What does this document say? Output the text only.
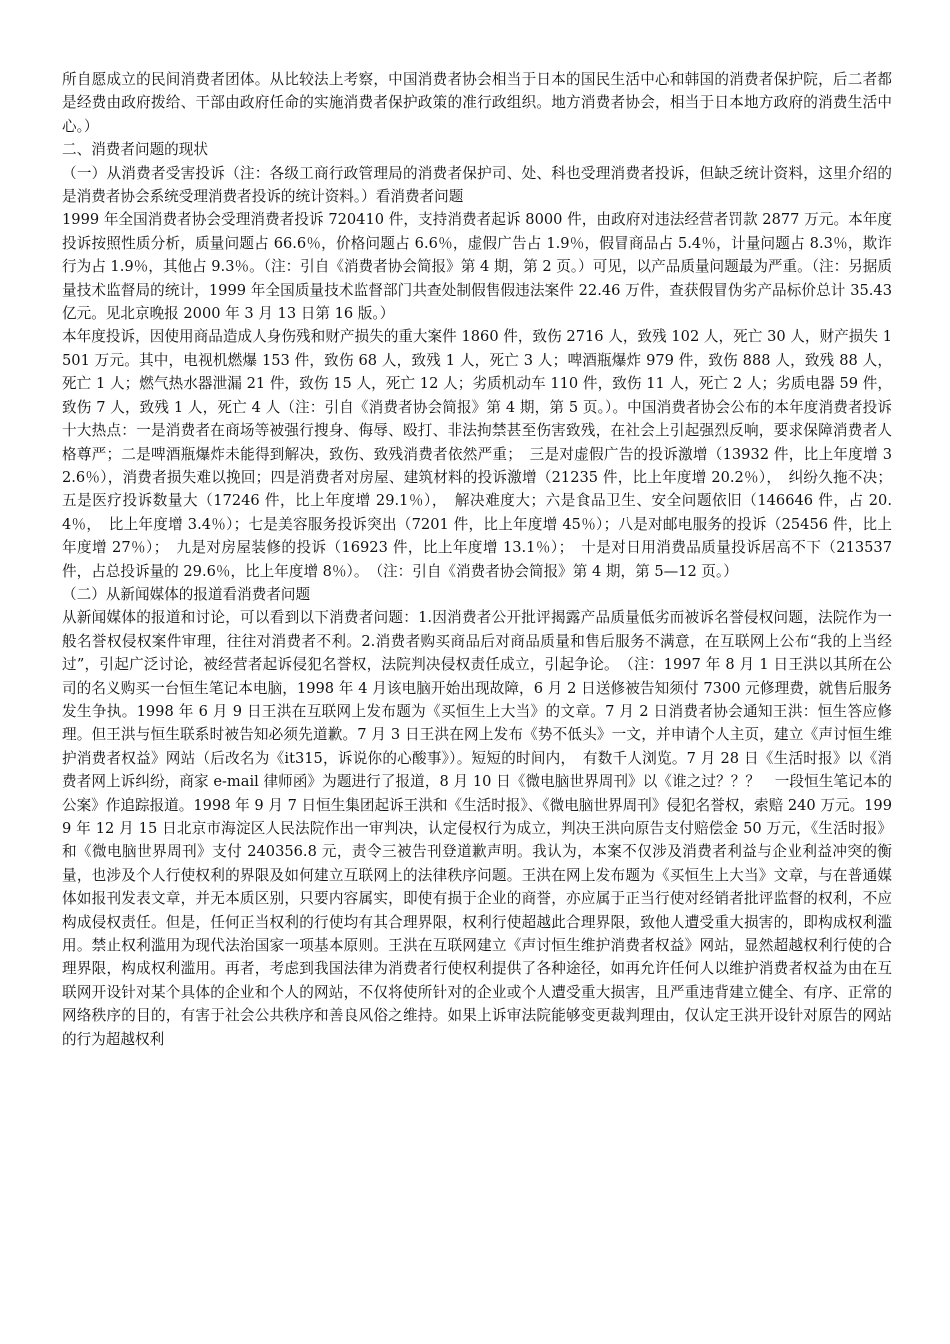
所自愿成立的民间消费者团体。从比较法上考察，中国消费者协会相当于日本的国民生活中心和韩国的消费者保护院，后二者都是经费由政府拨给、干部由政府任命的实施消费者保护政策的准行政组织。地方消费者协会，相当于日本地方政府的消费生活中心。）

二、消费者问题的现状

（一）从消费者受害投诉（注：各级工商行政管理局的消费者保护司、处、科也受理消费者投诉，但缺乏统计资料，这里介绍的是消费者协会系统受理消费者投诉的统计资料。）看消费者问题

1999 年全国消费者协会受理消费者投诉 720410 件，支持消费者起诉 8000 件，由政府对违法经营者罚款 2877 万元。本年度投诉按照性质分析，质量问题占 66.6％，价格问题占 6.6％，虚假广告占 1.9％，假冒商品占 5.4％，计量问题占 8.3％，欺诈行为占 1.9％，其他占 9.3％。（注：引自《消费者协会简报》第 4 期，第 2 页。）可见，以产品质量问题最为严重。（注：另据质量技术监督局的统计，1999 年全国质量技术监督部门共查处制假售假违法案件 22.46 万件，查获假冒伪劣产品标价总计 35.43 亿元。见北京晚报 2000 年 3 月 13 日第 16 版。）

本年度投诉，因使用商品造成人身伤残和财产损失的重大案件 1860 件，致伤 2716 人，致残 102 人，死亡 30 人，财产损失 1501 万元。其中，电视机燃爆 153 件，致伤 68 人，致残 1 人，死亡 3 人；啤酒瓶爆炸 979 件，致伤 888 人，致残 88 人，死亡 1 人；燃气热水器泄漏 21 件，致伤 15 人，死亡 12 人；劣质机动车 110 件，致伤 11 人，死亡 2 人；劣质电器 59 件，致伤 7 人，致残 1 人，死亡 4 人（注：引自《消费者协会简报》第 4 期，第 5 页。）。中国消费者协会公布的本年度消费者投诉十大热点：一是消费者在商场等被强行搜身、侮辱、殴打、非法拘禁甚至伤害致残，在社会上引起强烈反响，要求保障消费者人格尊严；二是啤酒瓶爆炸未能得到解决，致伤、致残消费者依然严重；　三是对虚假广告的投诉激增（13932 件，比上年度增 32.6％），消费者损失难以挽回；四是消费者对房屋、建筑材料的投诉激增（21235 件，比上年度增 20.2％），　纠纷久拖不决；五是医疗投诉数量大（17246 件，比上年度增 29.1％），　解决难度大；六是食品卫生、安全问题依旧（146646 件，占 20.4％，　比上年度增 3.4％）；七是美容服务投诉突出（7201 件，比上年度增 45％）；八是对邮电服务的投诉（25456 件，比上年度增 27％）；　九是对房屋装修的投诉（16923 件，比上年度增 13.1％）；　十是对日用消费品质量投诉居高不下（213537 件，占总投诉量的 29.6％，比上年度增 8％）。　（注：引自《消费者协会简报》第 4 期，第 5—12 页。）

（二）从新闻媒体的报道看消费者问题

从新闻媒体的报道和讨论，可以看到以下消费者问题：1.因消费者公开批评揭露产品质量低劣而被诉名誉侵权问题，法院作为一般名誉权侵权案件审理，往往对消费者不利。2.消费者购买商品后对商品质量和售后服务不满意，在互联网上公布“我的上当经过”，引起广泛讨论，被经营者起诉侵犯名誉权，法院判决侵权责任成立，引起争论。　（注：1997 年 8 月 1 日王洪以其所在公司的名义购买一台恒生笔记本电脑，1998 年 4 月该电脑开始出现故障，6 月 2 日送修被告知须付 7300 元修理费，就售后服务发生争执。1998 年 6 月 9 日王洪在互联网上发布题为《买恒生上大当》的文章。7 月 2 日消费者协会通知王洪：恒生答应修理。但王洪与恒生联系时被告知必须先道歉。7 月 3 日王洪在网上发布《势不低头》一文，并申请个人主页，建立《声讨恒生维护消费者权益》网站（后改名为《it315，诉说你的心酸事》）。短短的时间内，　有数千人浏览。7 月 28 日《生活时报》以《消费者网上诉纠纷，商家 e-mail 律师函》为题进行了报道，8 月 10 日《微电脑世界周刊》以《谁之过？？？　一段恒生笔记本的公案》作追踪报道。1998 年 9 月 7 日恒生集团起诉王洪和《生活时报》、《微电脑世界周刊》侵犯名誉权，索赔 240 万元。1999 年 12 月 15 日北京市海淀区人民法院作出一审判决，认定侵权行为成立，判决王洪向原告支付赔偿金 50 万元，《生活时报》和《微电脑世界周刊》支付 240356.8 元，责令三被告刊登道歉声明。我认为，本案不仅涉及消费者利益与企业利益冲突的衡量，也涉及个人行使权利的界限及如何建立互联网上的法律秩序问题。王洪在网上发布题为《买恒生上大当》文章，与在普通媒体如报刊发表文章，并无本质区别，只要内容属实，即使有损于企业的商誉，亦应属于正当行使对经销者批评监督的权利，不应构成侵权责任。但是，任何正当权利的行使均有其合理界限，权利行使超越此合理界限，致他人遭受重大损害的，即构成权利滥用。禁止权利滥用为现代法治国家一项基本原则。王洪在互联网建立《声讨恒生维护消费者权益》网站，显然超越权利行使的合理界限，构成权利滥用。再者，考虑到我国法律为消费者行使权利提供了各种途径，如再允许任何人以维护消费者权益为由在互联网开设针对某个具体的企业和个人的网站，不仅将使所针对的企业或个人遭受重大损害，且严重违背建立健全、有序、正常的网络秩序的目的，有害于社会公共秩序和善良风俗之维持。如果上诉审法院能够变更裁判理由，仅认定王洪开设针对原告的网站的行为超越权利
